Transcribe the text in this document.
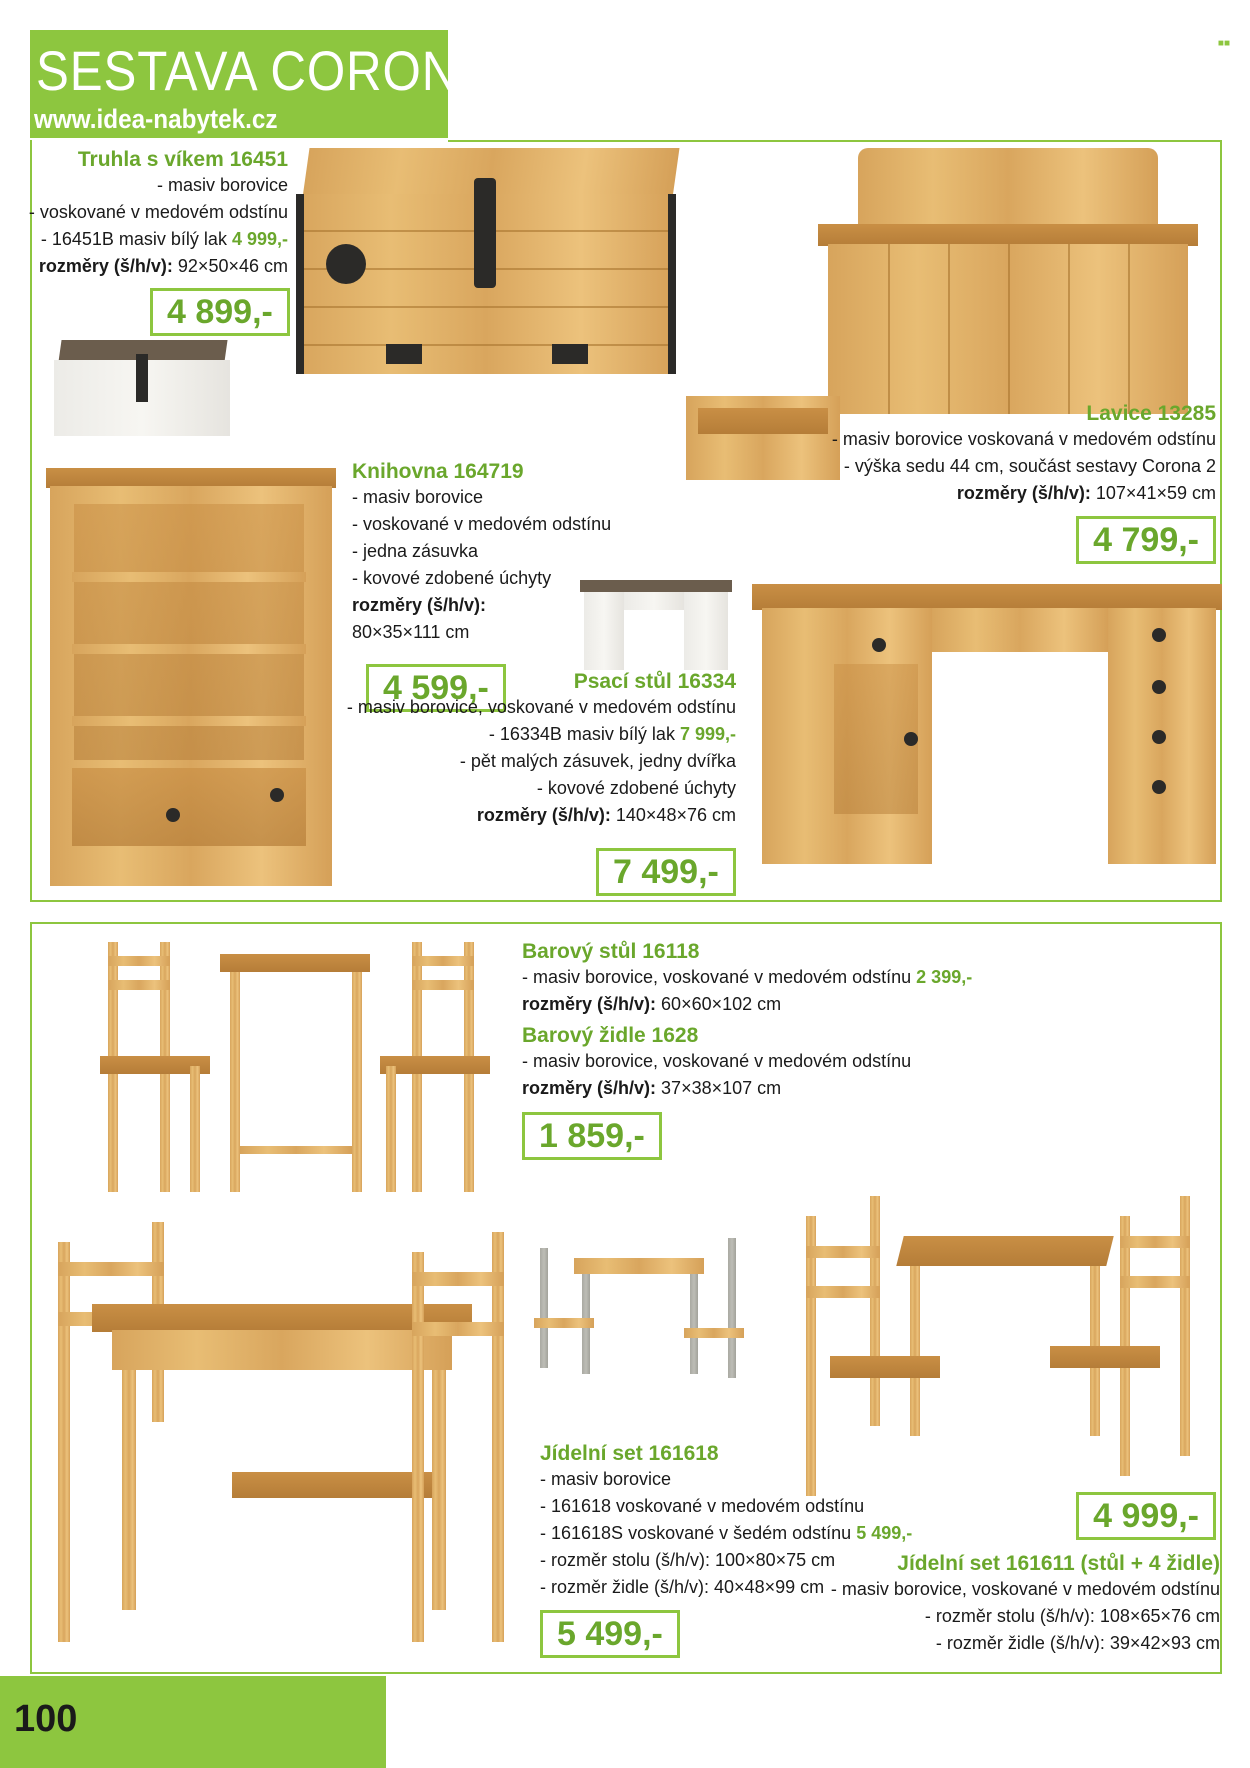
SESTAVA CORONA
www.idea-nabytek.cz
■■
Truhla s víkem 16451
- masiv borovice
- voskované v medovém odstínu
- 16451B masiv bílý lak 4 999,-
rozměry (š/h/v): 92×50×46 cm
4 899,-
Lavice 13285
- masiv borovice voskovaná v medovém odstínu
- výška sedu 44 cm, součást sestavy Corona 2
rozměry (š/h/v): 107×41×59 cm
4 799,-
Knihovna 164719
- masiv borovice
- voskované v medovém odstínu
- jedna zásuvka
- kovové zdobené úchyty
rozměry (š/h/v):
80×35×111 cm
4 599,-	Psací stůl 16334
- masiv borovice, voskované v medovém odstínu
- 16334B masiv bílý lak 7 999,-
- pět malých zásuvek, jedny dvířka
- kovové zdobené úchyty
rozměry (š/h/v): 140×48×76 cm
7 499,-
Barový stůl 16118
- masiv borovice, voskované v medovém odstínu 2 399,-
rozměry (š/h/v): 60×60×102 cm
Barový židle 1628
- masiv borovice, voskované v medovém odstínu
rozměry (š/h/v): 37×38×107 cm
1 859,-
Jídelní set 161618
- masiv borovice
- 161618 voskované v medovém odstínu
- 161618S voskované v šedém odstínu 5 499,-
- rozměr stolu (š/h/v): 100×80×75 cm
- rozměr židle (š/h/v): 40×48×99 cm
5 499,-
4 999,-
Jídelní set 161611 (stůl + 4 židle)
- masiv borovice, voskované v medovém odstínu
- rozměr stolu (š/h/v): 108×65×76 cm
- rozměr židle (š/h/v): 39×42×93 cm
100
